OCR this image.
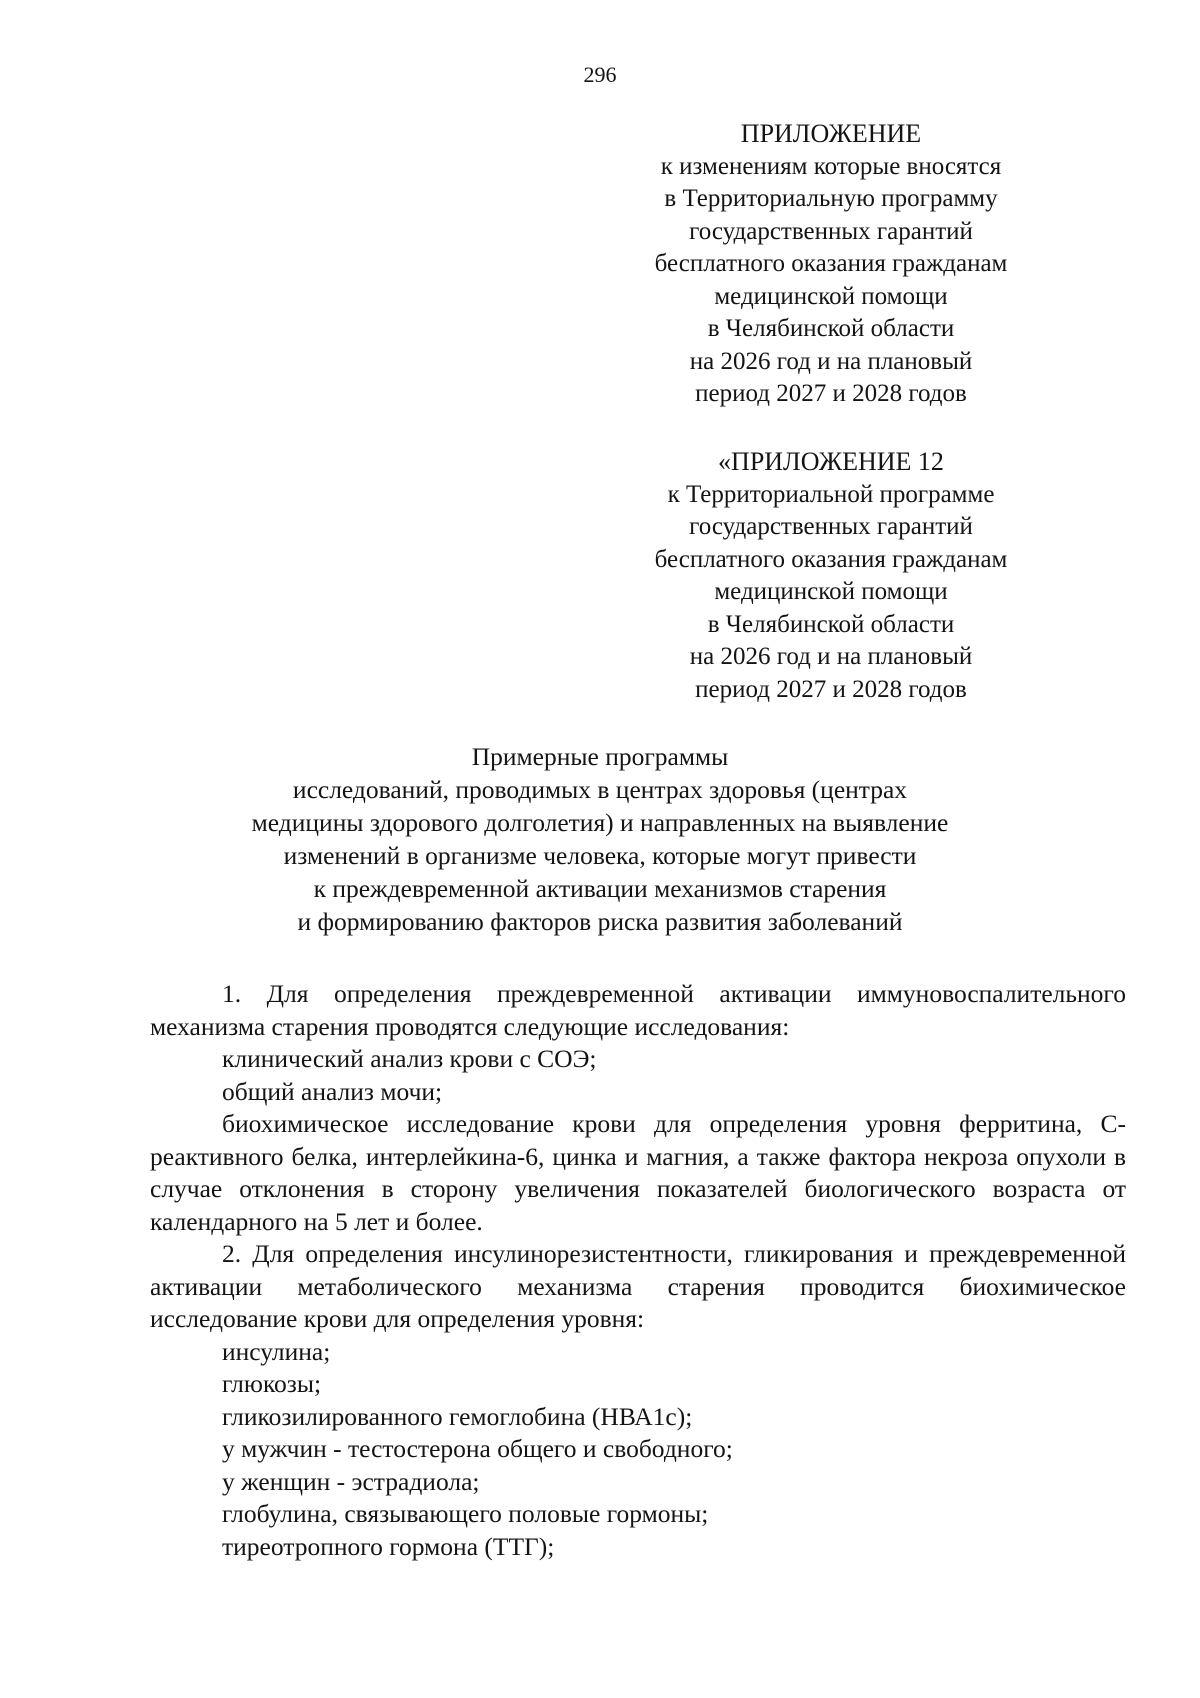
296
ПРИЛОЖЕНИЕ
к изменениям которые вносятся
в Территориальную программу
государственных гарантий
бесплатного оказания гражданам
медицинской помощи
в Челябинской области
на 2026 год и на плановый
период 2027 и 2028 годов
«ПРИЛОЖЕНИЕ 12
к Территориальной программе
государственных гарантий
бесплатного оказания гражданам
медицинской помощи
в Челябинской области
на 2026 год и на плановый
период 2027 и 2028 годов
Примерные программы
исследований, проводимых в центрах здоровья (центрах
медицины здорового долголетия) и направленных на выявление
изменений в организме человека, которые могут привести
к преждевременной активации механизмов старения
и формированию факторов риска развития заболеваний

1. Для определения преждевременной активации иммуновоспалительного механизма старения проводятся следующие исследования:

клинический анализ крови с СОЭ;

общий анализ мочи;

биохимическое исследование крови для определения уровня ферритина, С-реактивного белка, интерлейкина-6, цинка и магния, а также фактора некроза опухоли в случае отклонения в сторону увеличения показателей биологического возраста от календарного на 5 лет и более.

2. Для определения инсулинорезистентности, гликирования и преждевременной активации метаболического механизма старения проводится биохимическое исследование крови для определения уровня:

инсулина;

глюкозы;

гликозилированного гемоглобина (НВА1с);

у мужчин - тестостерона общего и свободного;

у женщин - эстрадиола;

глобулина, связывающего половые гормоны;

тиреотропного гормона (ТТГ);
